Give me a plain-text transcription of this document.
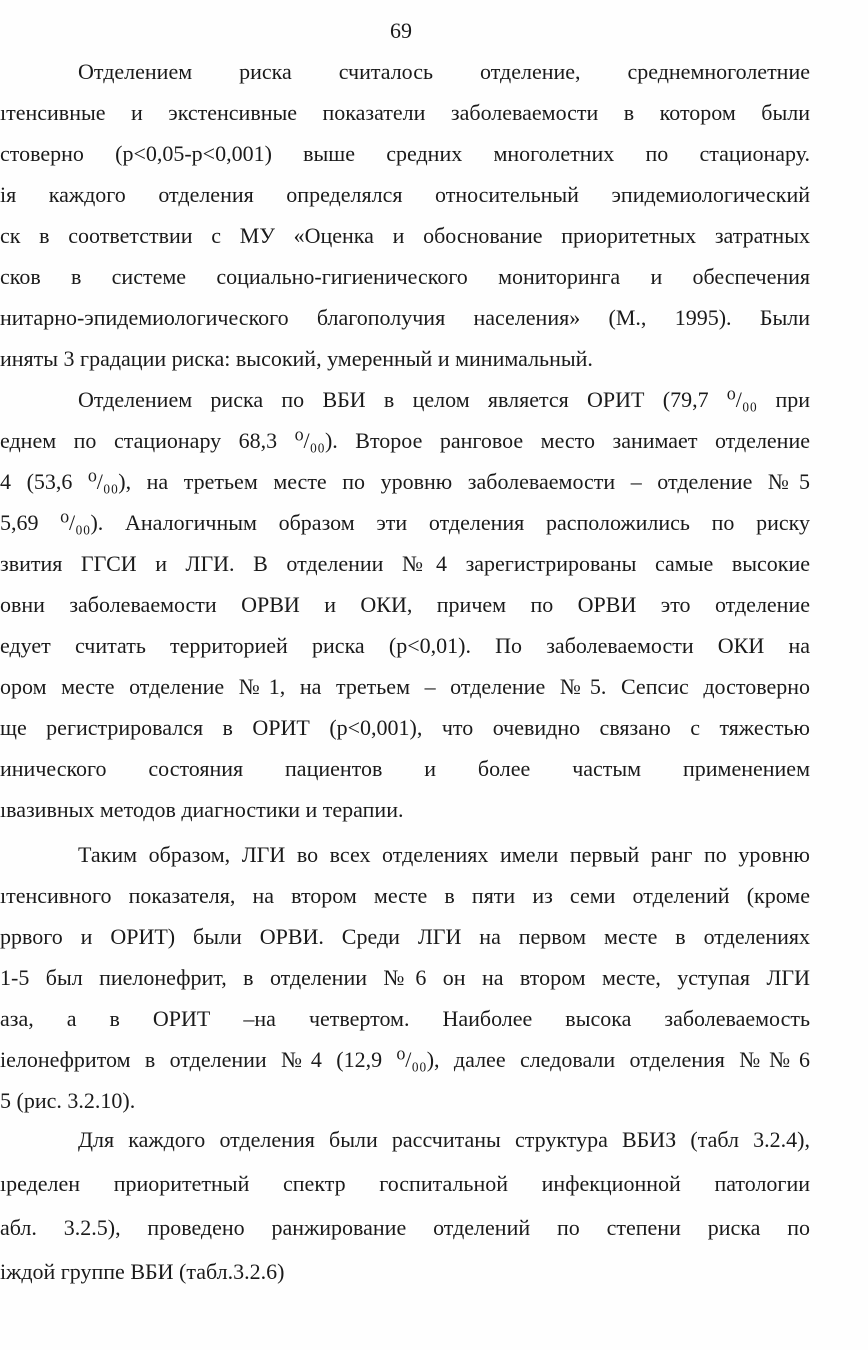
69
Отделением риска считалось отделение, среднемноголетние
ıтенсивные и экстенсивные показатели заболеваемости в котором были
стоверно (p<0,05-p<0,001) выше средних многолетних по стационару.
ія каждого отделения определялся относительный эпидемиологический
ск в соответствии с МУ «Оценка и обоснование приоритетных затратных
сков в системе социально-гигиенического мониторинга и обеспечения
нитарно-эпидемиологического благополучия населения» (М., 1995). Были
иняты 3 градации риска: высокий, умеренный и минимальный.
Отделением риска по ВБИ в целом является ОРИТ (79,7 ⁰/₀₀ при
еднем по стационару 68,3 ⁰/₀₀). Второе ранговое место занимает отделение
4 (53,6 ⁰/₀₀), на третьем месте по уровню заболеваемости – отделение №5
5,69 ⁰/₀₀). Аналогичным образом эти отделения расположились по риску
звития ГГСИ и ЛГИ. В отделении №4 зарегистрированы самые высокие
овни заболеваемости ОРВИ и ОКИ, причем по ОРВИ это отделение
едует считать территорией риска (p<0,01). По заболеваемости ОКИ на
ором месте отделение №1, на третьем – отделение №5. Сепсис достоверно
ще регистрировался в ОРИТ (p<0,001), что очевидно связано с тяжестью
инического состояния пациентов и более частым применением
ıвазивных методов диагностики и терапии.
Таким образом, ЛГИ во всех отделениях имели первый ранг по уровню
ıтенсивного показателя, на втором месте в пяти из семи отделений (кроме
ррвого и ОРИТ) были ОРВИ. Среди ЛГИ на первом месте в отделениях
1-5 был пиелонефрит, в отделении №6 он на втором месте, уступая ЛГИ
аза, а в ОРИТ –на четвертом. Наиболее высока заболеваемость
іелонефритом в отделении №4 (12,9 ⁰/₀₀), далее следовали отделения №№6
5 (рис. 3.2.10).
Для каждого отделения были рассчитаны структура ВБИЗ (табл 3.2.4),
ıределен приоритетный спектр госпитальной инфекционной патологии
абл. 3.2.5), проведено ранжирование отделений по степени риска по
іждой группе ВБИ (табл.3.2.6)
